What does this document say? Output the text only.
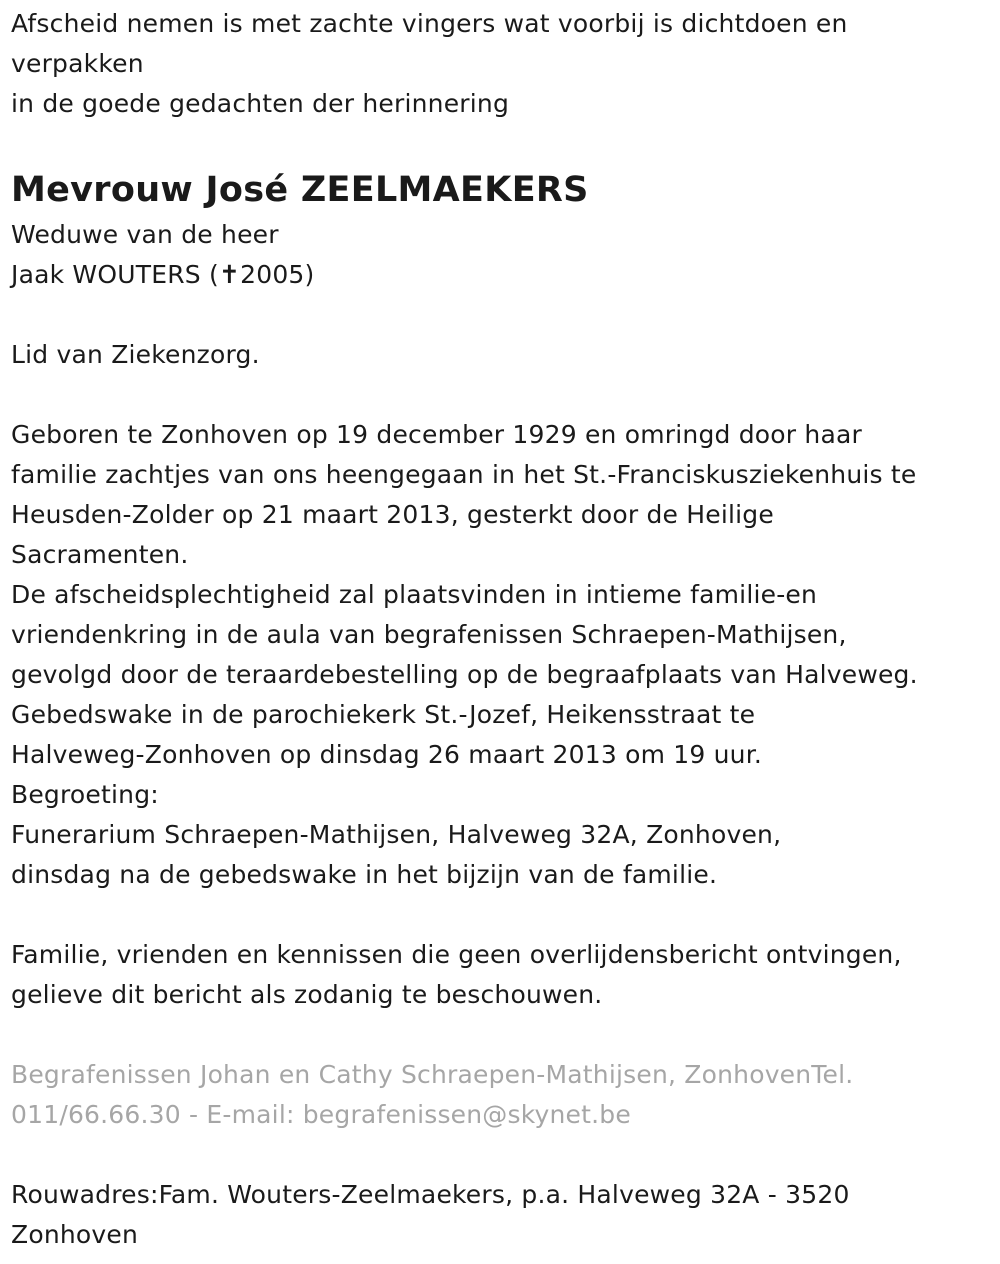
Afscheid nemen is met zachte vingers wat voorbij is dichtdoen en
verpakken
in de goede gedachten der herinnering
Mevrouw José ZEELMAEKERS
Weduwe van de heer
Jaak WOUTERS (✝2005)
Lid van Ziekenzorg.
Geboren te Zonhoven op 19 december 1929 en omringd door haar
familie zachtjes van ons heengegaan in het St.-Franciskusziekenhuis te
Heusden-Zolder op 21 maart 2013, gesterkt door de Heilige
Sacramenten.
De afscheidsplechtigheid zal plaatsvinden in intieme familie-en
vriendenkring in de aula van begrafenissen Schraepen-Mathijsen,
gevolgd door de teraardebestelling op de begraafplaats van Halveweg.
Gebedswake in de parochiekerk St.-Jozef, Heikensstraat te
Halveweg-Zonhoven op dinsdag 26 maart 2013 om 19 uur.
Begroeting:
Funerarium Schraepen-Mathijsen, Halveweg 32A, Zonhoven,
dinsdag na de gebedswake in het bijzijn van de familie.
Familie, vrienden en kennissen die geen overlijdensbericht ontvingen,
gelieve dit bericht als zodanig te beschouwen.
Begrafenissen Johan en Cathy Schraepen-Mathijsen, ZonhovenTel.
011/66.66.30 - E-mail: begrafenissen@skynet.be
Rouwadres:Fam. Wouters-Zeelmaekers, p.a. Halveweg 32A - 3520
Zonhoven
